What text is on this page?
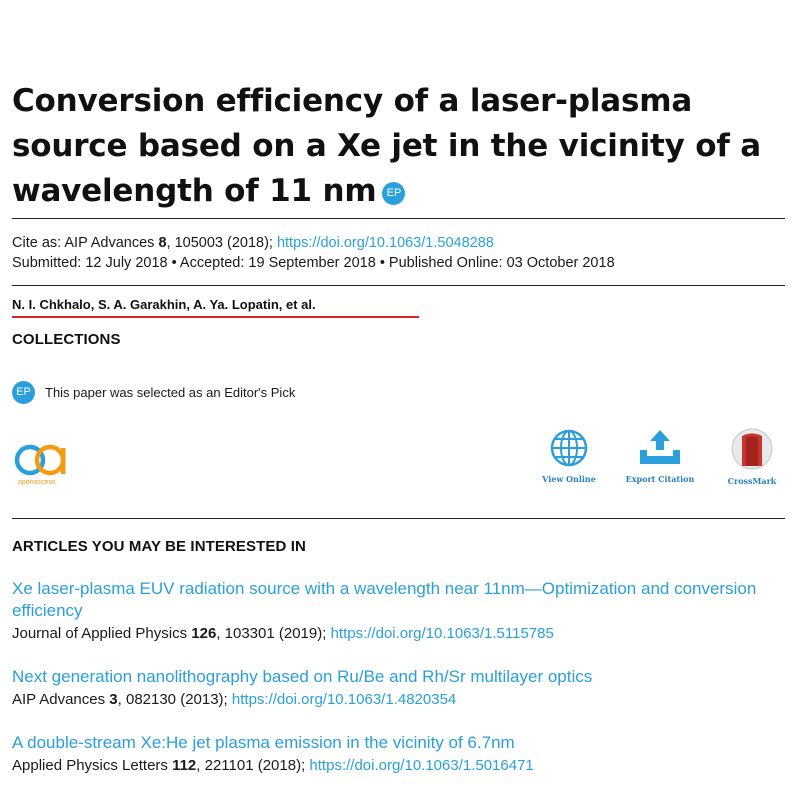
Conversion efficiency of a laser-plasma source based on a Xe jet in the vicinity of a wavelength of 11 nm EP
Cite as: AIP Advances 8, 105003 (2018); https://doi.org/10.1063/1.5048288
Submitted: 12 July 2018 • Accepted: 19 September 2018 • Published Online: 03 October 2018
N. I. Chkhalo, S. A. Garakhin, A. Ya. Lopatin, et al.
COLLECTIONS
EP	This paper was selected as an Editor's Pick
openaccess	View Online	Export Citation	CrossMark
ARTICLES YOU MAY BE INTERESTED IN
Xe laser-plasma EUV radiation source with a wavelength near 11nm—Optimization and conversion efficiency
Journal of Applied Physics 126, 103301 (2019); https://doi.org/10.1063/1.5115785
Next generation nanolithography based on Ru/Be and Rh/Sr multilayer optics
AIP Advances 3, 082130 (2013); https://doi.org/10.1063/1.4820354
A double-stream Xe:He jet plasma emission in the vicinity of 6.7nm
Applied Physics Letters 112, 221101 (2018); https://doi.org/10.1063/1.5016471
